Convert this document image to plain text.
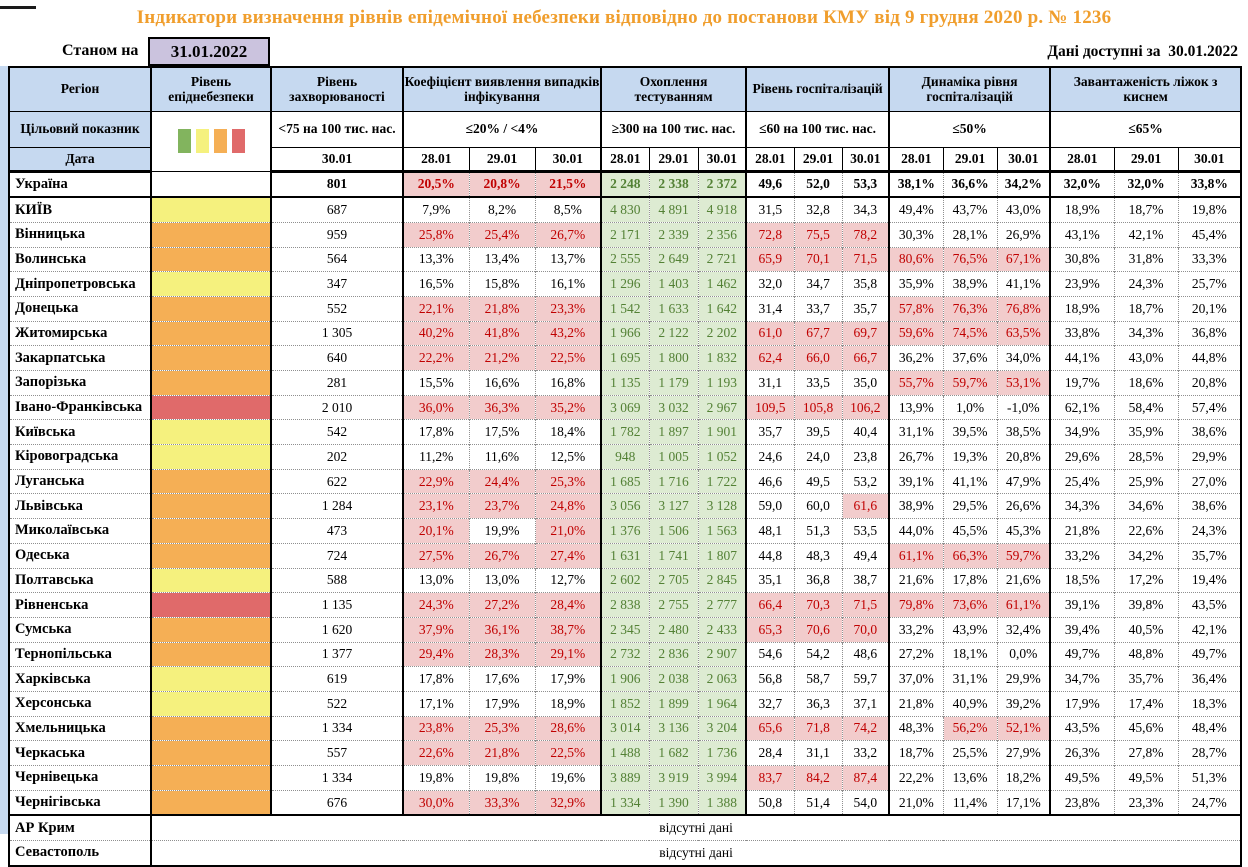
Індикатори визначення рівнів епідемічної небезпеки відповідно до постанови КМУ від 9 грудня 2020 р. № 1236
Станом на	31.01.2022	Дані доступні за 30.01.2022
Регіон	Рівень епіднебезпеки	Рівень захворюваності	Коефіцієнт виявлення випадків інфікування			Охоплення тестуванням			Рівень госпіталізацій			Динаміка рівня госпіталізацій			Завантаженість ліжок з киснем		
Цільовий показник		<75 на 100 тис. нас.	≤20% / <4%			≥300 на 100 тис. нас.			≤60 на 100 тис. нас.			≤50%			≤65%		
Дата		30.01	28.01	29.01	30.01	28.01	29.01	30.01	28.01	29.01	30.01	28.01	29.01	30.01	28.01	29.01	30.01
Україна		801	20,5%	20,8%	21,5%	2 248	2 338	2 372	49,6	52,0	53,3	38,1%	36,6%	34,2%	32,0%	32,0%	33,8%
КИЇВ		687	7,9%	8,2%	8,5%	4 830	4 891	4 918	31,5	32,8	34,3	49,4%	43,7%	43,0%	18,9%	18,7%	19,8%
Вінницька		959	25,8%	25,4%	26,7%	2 171	2 339	2 356	72,8	75,5	78,2	30,3%	28,1%	26,9%	43,1%	42,1%	45,4%
Волинська		564	13,3%	13,4%	13,7%	2 555	2 649	2 721	65,9	70,1	71,5	80,6%	76,5%	67,1%	30,8%	31,8%	33,3%
Дніпропетровська		347	16,5%	15,8%	16,1%	1 296	1 403	1 462	32,0	34,7	35,8	35,9%	38,9%	41,1%	23,9%	24,3%	25,7%
Донецька		552	22,1%	21,8%	23,3%	1 542	1 633	1 642	31,4	33,7	35,7	57,8%	76,3%	76,8%	18,9%	18,7%	20,1%
Житомирська		1 305	40,2%	41,8%	43,2%	1 966	2 122	2 202	61,0	67,7	69,7	59,6%	74,5%	63,5%	33,8%	34,3%	36,8%
Закарпатська		640	22,2%	21,2%	22,5%	1 695	1 800	1 832	62,4	66,0	66,7	36,2%	37,6%	34,0%	44,1%	43,0%	44,8%
Запорізька		281	15,5%	16,6%	16,8%	1 135	1 179	1 193	31,1	33,5	35,0	55,7%	59,7%	53,1%	19,7%	18,6%	20,8%
Івано-Франківська		2 010	36,0%	36,3%	35,2%	3 069	3 032	2 967	109,5	105,8	106,2	13,9%	1,0%	-1,0%	62,1%	58,4%	57,4%
Київська		542	17,8%	17,5%	18,4%	1 782	1 897	1 901	35,7	39,5	40,4	31,1%	39,5%	38,5%	34,9%	35,9%	38,6%
Кіровоградська		202	11,2%	11,6%	12,5%	948	1 005	1 052	24,6	24,0	23,8	26,7%	19,3%	20,8%	29,6%	28,5%	29,9%
Луганська		622	22,9%	24,4%	25,3%	1 685	1 716	1 722	46,6	49,5	53,2	39,1%	41,1%	47,9%	25,4%	25,9%	27,0%
Львівська		1 284	23,1%	23,7%	24,8%	3 056	3 127	3 128	59,0	60,0	61,6	38,9%	29,5%	26,6%	34,3%	34,6%	38,6%
Миколаївська		473	20,1%	19,9%	21,0%	1 376	1 506	1 563	48,1	51,3	53,5	44,0%	45,5%	45,3%	21,8%	22,6%	24,3%
Одеська		724	27,5%	26,7%	27,4%	1 631	1 741	1 807	44,8	48,3	49,4	61,1%	66,3%	59,7%	33,2%	34,2%	35,7%
Полтавська		588	13,0%	13,0%	12,7%	2 602	2 705	2 845	35,1	36,8	38,7	21,6%	17,8%	21,6%	18,5%	17,2%	19,4%
Рівненська		1 135	24,3%	27,2%	28,4%	2 838	2 755	2 777	66,4	70,3	71,5	79,8%	73,6%	61,1%	39,1%	39,8%	43,5%
Сумська		1 620	37,9%	36,1%	38,7%	2 345	2 480	2 433	65,3	70,6	70,0	33,2%	43,9%	32,4%	39,4%	40,5%	42,1%
Тернопільська		1 377	29,4%	28,3%	29,1%	2 732	2 836	2 907	54,6	54,2	48,6	27,2%	18,1%	0,0%	49,7%	48,8%	49,7%
Харківська		619	17,8%	17,6%	17,9%	1 906	2 038	2 063	56,8	58,7	59,7	37,0%	31,1%	29,9%	34,7%	35,7%	36,4%
Херсонська		522	17,1%	17,9%	18,9%	1 852	1 899	1 964	32,7	36,3	37,1	21,8%	40,9%	39,2%	17,9%	17,4%	18,3%
Хмельницька		1 334	23,8%	25,3%	28,6%	3 014	3 136	3 204	65,6	71,8	74,2	48,3%	56,2%	52,1%	43,5%	45,6%	48,4%
Черкаська		557	22,6%	21,8%	22,5%	1 488	1 682	1 736	28,4	31,1	33,2	18,7%	25,5%	27,9%	26,3%	27,8%	28,7%
Чернівецька		1 334	19,8%	19,8%	19,6%	3 889	3 919	3 994	83,7	84,2	87,4	22,2%	13,6%	18,2%	49,5%	49,5%	51,3%
Чернігівська		676	30,0%	33,3%	32,9%	1 334	1 390	1 388	50,8	51,4	54,0	21,0%	11,4%	17,1%	23,8%	23,3%	24,7%
АР Крим	відсутні дані																
Севастополь	відсутні дані																
